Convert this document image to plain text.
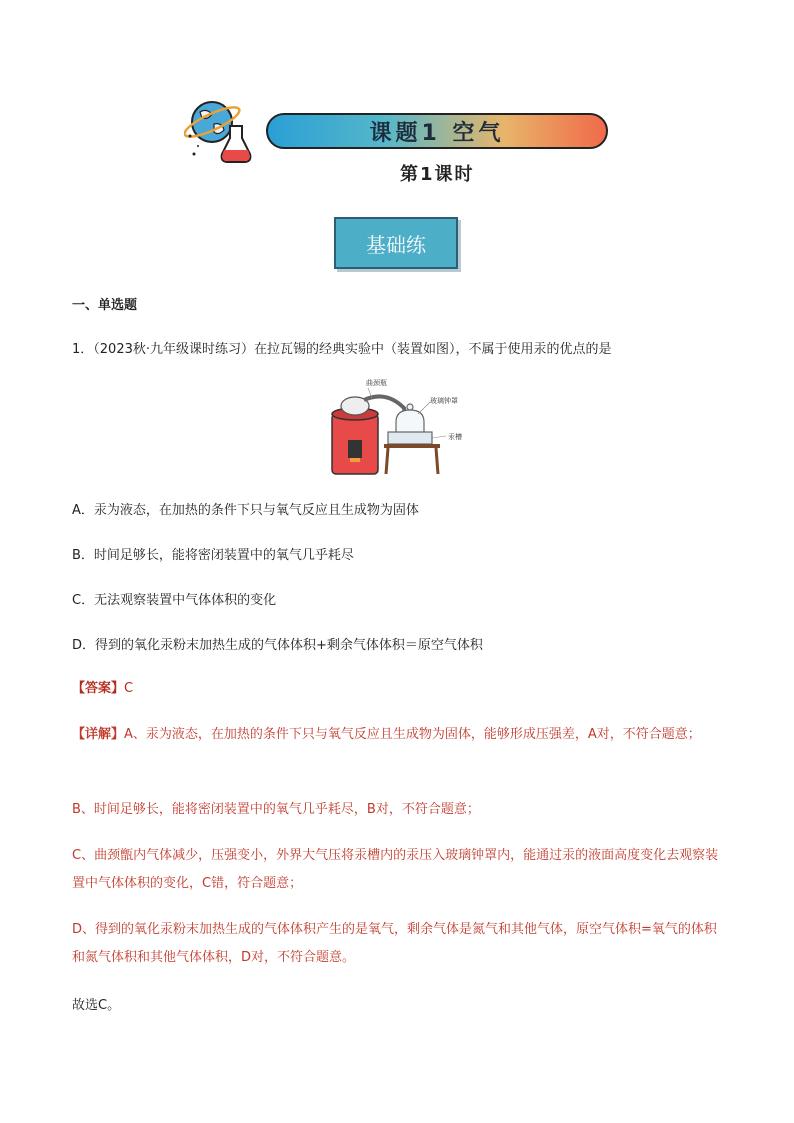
课题1 空气
第1课时
基础练
一、单选题
1．（2023秋·九年级课时练习）在拉瓦锡的经典实验中（装置如图），不属于使用汞的优点的是
曲颈瓶
玻璃钟罩
汞槽
A．汞为液态，在加热的条件下只与氧气反应且生成物为固体
B．时间足够长，能将密闭装置中的氧气几乎耗尽
C．无法观察装置中气体体积的变化
D．得到的氧化汞粉末加热生成的气体体积+剩余气体体积＝原空气体积
【答案】C
【详解】A、汞为液态，在加热的条件下只与氧气反应且生成物为固体，能够形成压强差，A对，不符合题意；
B、时间足够长，能将密闭装置中的氧气几乎耗尽，B对，不符合题意；
C、曲颈甑内气体减少，压强变小，外界大气压将汞槽内的汞压入玻璃钟罩内，能通过汞的液面高度变化去观察装置中气体体积的变化，C错，符合题意；
D、得到的氧化汞粉末加热生成的气体体积产生的是氧气，剩余气体是氮气和其他气体，原空气体积=氧气的体积和氮气体积和其他气体体积，D对，不符合题意。
故选C。
